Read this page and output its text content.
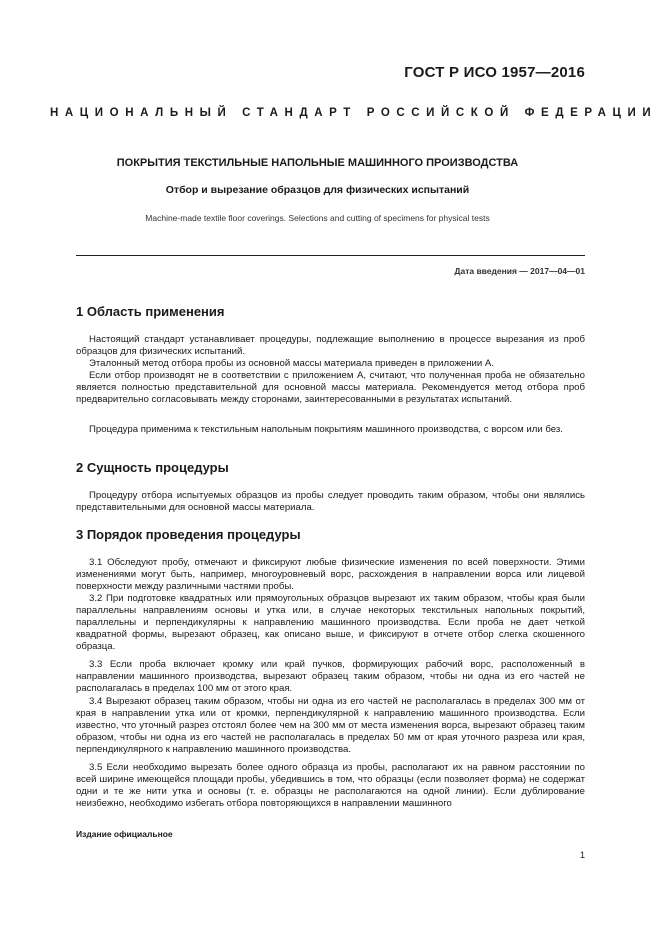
ГОСТ Р ИСО 1957—2016
НАЦИОНАЛЬНЫЙ СТАНДАРТ РОССИЙСКОЙ ФЕДЕРАЦИИ
ПОКРЫТИЯ ТЕКСТИЛЬНЫЕ НАПОЛЬНЫЕ МАШИННОГО ПРОИЗВОДСТВА
Отбор и вырезание образцов для физических испытаний
Machine-made textile floor coverings. Selections and cutting of specimens for physical tests
Дата введения — 2017—04—01
1 Область применения

Настоящий стандарт устанавливает процедуры, подлежащие выполнению в процессе вырезания из проб образцов для физических испытаний.

Эталонный метод отбора пробы из основной массы материала приведен в приложении А.

Если отбор производят не в соответствии с приложением А, считают, что полученная проба не обязательно является полностью представительной для основной массы материала. Рекомендуется метод отбора проб предварительно согласовывать между сторонами, заинтересованными в результатах испытаний.

Процедура применима к текстильным напольным покрытиям машинного производства, с ворсом или без.

2 Сущность процедуры

Процедуру отбора испытуемых образцов из пробы следует проводить таким образом, чтобы они являлись представительными для основной массы материала.

3 Порядок проведения процедуры

3.1 Обследуют пробу, отмечают и фиксируют любые физические изменения по всей поверхности. Этими изменениями могут быть, например, многоуровневый ворс, расхождения в направлении ворса или лицевой поверхности между различными частями пробы.

3.2 При подготовке квадратных или прямоугольных образцов вырезают их таким образом, чтобы края были параллельны направлениям основы и утка или, в случае некоторых текстильных напольных покрытий, параллельны и перпендикулярны к направлению машинного производства. Если проба не дает четкой квадратной формы, вырезают образец, как описано выше, и фиксируют в отчете отбор слегка скошенного образца.

3.3 Если проба включает кромку или край пучков, формирующих рабочий ворс, расположенный в направлении машинного производства, вырезают образец таким образом, чтобы ни одна из его частей не располагалась в пределах 100 мм от этого края.

3.4 Вырезают образец таким образом, чтобы ни одна из его частей не располагалась в пределах 300 мм от края в направлении утка или от кромки, перпендикулярной к направлению машинного производства. Если известно, что уточный разрез отстоял более чем на 300 мм от места изменения ворса, вырезают образец таким образом, чтобы ни одна из его частей не располагалась в пределах 50 мм от края уточного разреза или края, перпендикулярного к направлению машинного производства.

3.5 Если необходимо вырезать более одного образца из пробы, располагают их на равном расстоянии по всей ширине имеющейся площади пробы, убедившись в том, что образцы (если позволяет форма) не содержат одни и те же нити утка и основы (т. е. образцы не располагаются на одной линии). Если дублирование неизбежно, необходимо избегать отбора повторяющихся в направлении машинного

Издание официальное
1
